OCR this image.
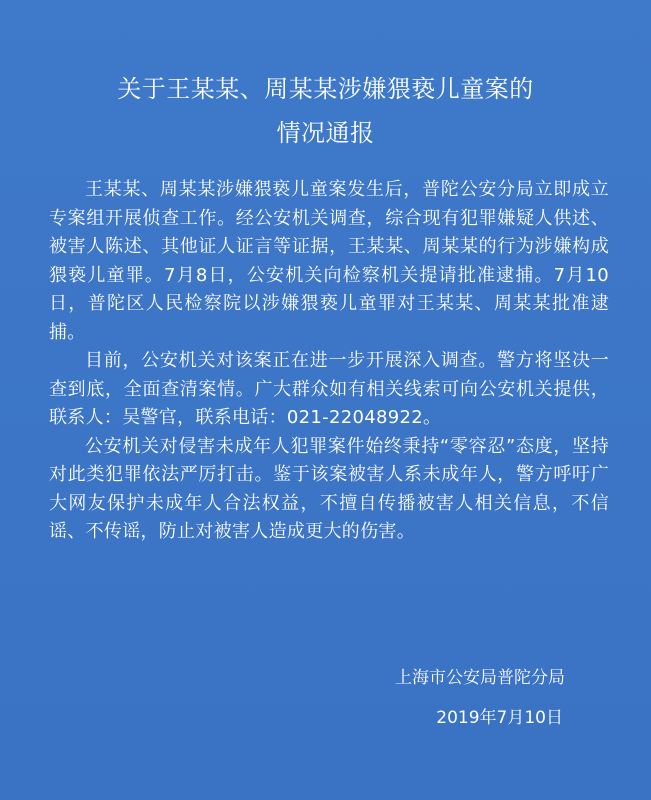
关于王某某、周某某涉嫌猥亵儿童案的
情况通报

王某某、周某某涉嫌猥亵儿童案发生后，普陀公安分局立即成立专案组开展侦查工作。经公安机关调查，综合现有犯罪嫌疑人供述、被害人陈述、其他证人证言等证据，王某某、周某某的行为涉嫌构成猥亵儿童罪。7月8日，公安机关向检察机关提请批准逮捕。7月10日，普陀区人民检察院以涉嫌猥亵儿童罪对王某某、周某某批准逮捕。

目前，公安机关对该案正在进一步开展深入调查。警方将坚决一查到底，全面查清案情。广大群众如有相关线索可向公安机关提供，联系人：吴警官，联系电话：021-22048922。

公安机关对侵害未成年人犯罪案件始终秉持“零容忍”态度，坚持对此类犯罪依法严厉打击。鉴于该案被害人系未成年人，警方呼吁广大网友保护未成年人合法权益，不擅自传播被害人相关信息，不信谣、不传谣，防止对被害人造成更大的伤害。

上海市公安局普陀分局
2019年7月10日
